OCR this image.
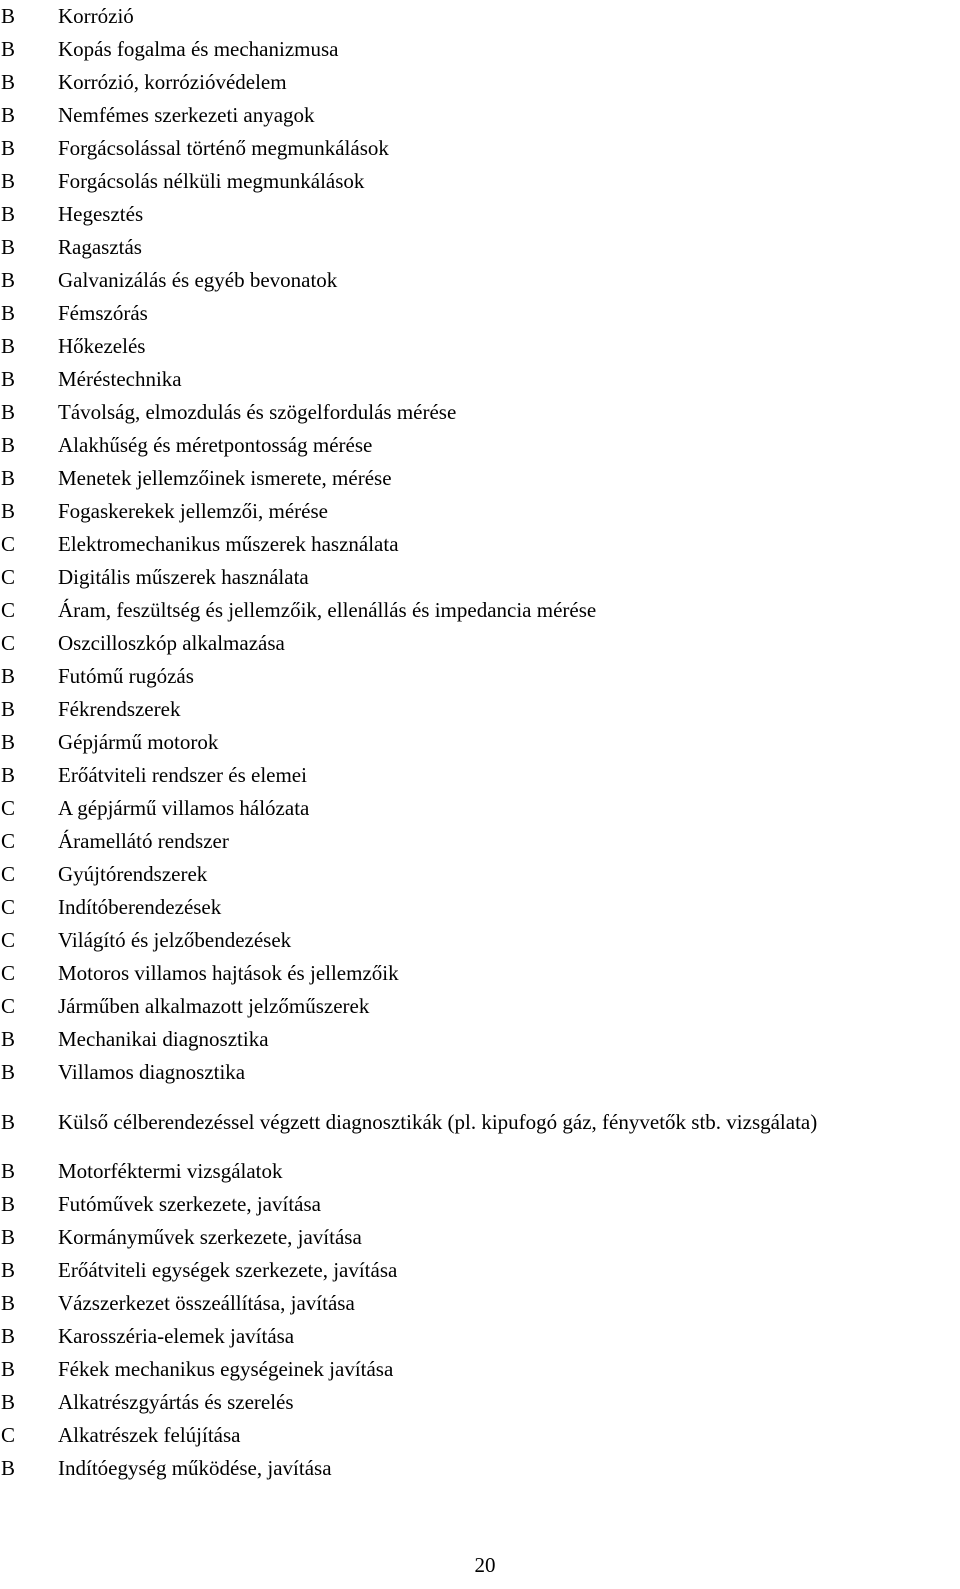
B	Korrózió
B	Kopás fogalma és mechanizmusa
B	Korrózió, korrózióvédelem
B	Nemfémes szerkezeti anyagok
B	Forgácsolással történő megmunkálások
B	Forgácsolás nélküli megmunkálások
B	Hegesztés
B	Ragasztás
B	Galvanizálás és egyéb bevonatok
B	Fémszórás
B	Hőkezelés
B	Méréstechnika
B	Távolság, elmozdulás és szögelfordulás mérése
B	Alakhűség és méretpontosság mérése
B	Menetek jellemzőinek ismerete, mérése
B	Fogaskerekek jellemzői, mérése
C	Elektromechanikus műszerek használata
C	Digitális műszerek használata
C	Áram, feszültség és jellemzőik, ellenállás és impedancia mérése
C	Oszcilloszkóp alkalmazása
B	Futómű rugózás
B	Fékrendszerek
B	Gépjármű motorok
B	Erőátviteli rendszer és elemei
C	A gépjármű villamos hálózata
C	Áramellátó rendszer
C	Gyújtórendszerek
C	Indítóberendezések
C	Világító és jelzőbendezések
C	Motoros villamos hajtások és jellemzőik
C	Járműben alkalmazott jelzőműszerek
B	Mechanikai diagnosztika
B	Villamos diagnosztika
B	Külső célberendezéssel végzett diagnosztikák (pl. kipufogó gáz, fényvetők stb. vizsgálata)
B	Motorféktermi vizsgálatok
B	Futóművek szerkezete, javítása
B	Kormányművek szerkezete, javítása
B	Erőátviteli egységek szerkezete, javítása
B	Vázszerkezet összeállítása, javítása
B	Karosszéria-elemek javítása
B	Fékek mechanikus egységeinek javítása
B	Alkatrészgyártás és szerelés
C	Alkatrészek felújítása
B	Indítóegység működése, javítása
20
